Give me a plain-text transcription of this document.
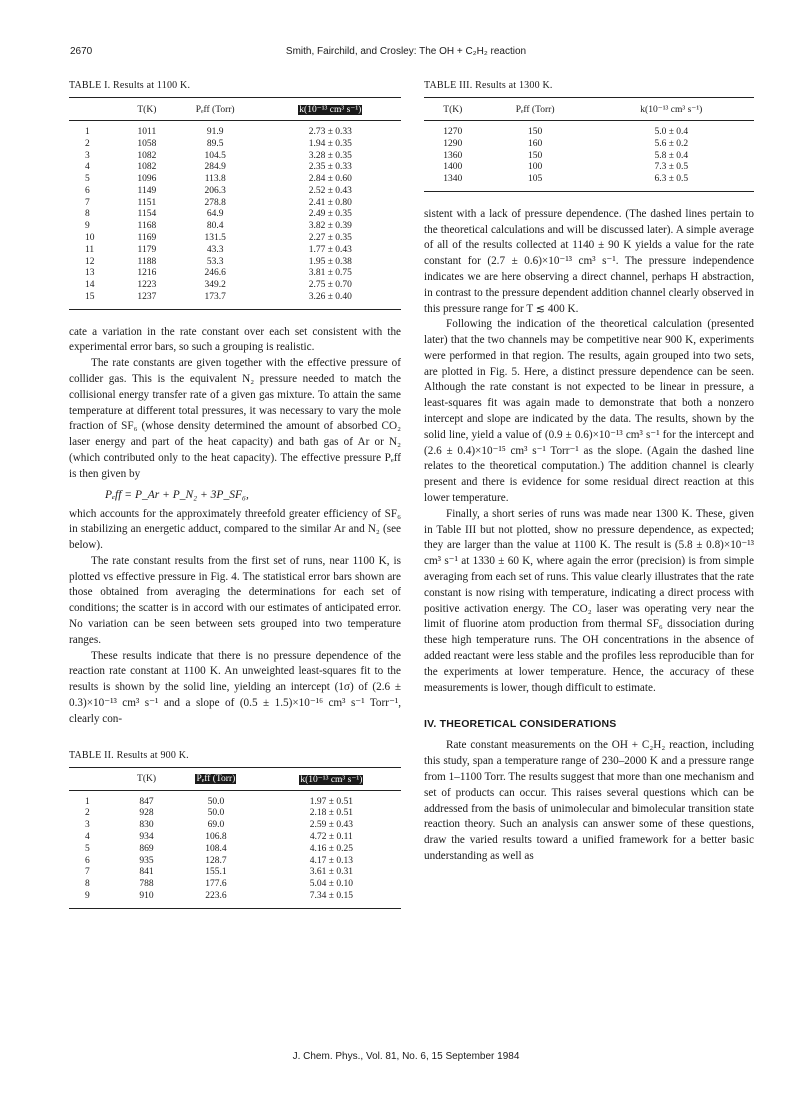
2670	Smith, Fairchild, and Crosley: The OH + C₂H₂ reaction
TABLE I. Results at 1100 K.
	T(K)	Pₑff (Torr)	k(10⁻¹³ cm³ s⁻¹)
1	1011	91.9	2.73 ± 0.33
2	1058	89.5	1.94 ± 0.35
3	1082	104.5	3.28 ± 0.35
4	1082	284.9	2.35 ± 0.33
5	1096	113.8	2.84 ± 0.60
6	1149	206.3	2.52 ± 0.43
7	1151	278.8	2.41 ± 0.80
8	1154	64.9	2.49 ± 0.35
9	1168	80.4	3.82 ± 0.39
10	1169	131.5	2.27 ± 0.35
11	1179	43.3	1.77 ± 0.43
12	1188	53.3	1.95 ± 0.38
13	1216	246.6	3.81 ± 0.75
14	1223	349.2	2.75 ± 0.70
15	1237	173.7	3.26 ± 0.40

cate a variation in the rate constant over each set consistent with the experimental error bars, so such a grouping is realistic.

The rate constants are given together with the effective pressure of collider gas. This is the equivalent N₂ pressure needed to match the collisional energy transfer rate of a given gas mixture. To attain the same temperature at different total pressures, it was necessary to vary the mole fraction of SF₆ (whose density determined the amount of absorbed CO₂ laser energy and part of the heat capacity) and bath gas of Ar or N₂ (which contributed only to the heat capacity). The effective pressure Pₑff is then given by

Pₑff = P_Ar + P_N₂ + 3P_SF₆,

which accounts for the approximately threefold greater efficiency of SF₆ in stabilizing an energetic adduct, compared to the similar Ar and N₂ (see below).

The rate constant results from the first set of runs, near 1100 K, is plotted vs effective pressure in Fig. 4. The statistical error bars shown are those obtained from averaging the determinations for each set of conditions; the scatter is in accord with our estimates of anticipated error. No variation can be seen between sets grouped into two temperature ranges.

These results indicate that there is no pressure dependence of the reaction rate constant at 1100 K. An unweighted least-squares fit to the results is shown by the solid line, yielding an intercept (1σ) of (2.6 ± 0.3)×10⁻¹³ cm³ s⁻¹ and a slope of (0.5 ± 1.5)×10⁻¹⁶ cm³ s⁻¹ Torr⁻¹, clearly con-

TABLE II. Results at 900 K.
	T(K)	Pₑff (Torr)	k(10⁻¹³ cm³ s⁻¹)
1	847	50.0	1.97 ± 0.51
2	928	50.0	2.18 ± 0.51
3	830	69.0	2.59 ± 0.43
4	934	106.8	4.72 ± 0.11
5	869	108.4	4.16 ± 0.25
6	935	128.7	4.17 ± 0.13
7	841	155.1	3.61 ± 0.31
8	788	177.6	5.04 ± 0.10
9	910	223.6	7.34 ± 0.15

TABLE III. Results at 1300 K.
T(K)	Pₑff (Torr)	k(10⁻¹³ cm³ s⁻¹)
1270	150	5.0 ± 0.4
1290	160	5.6 ± 0.2
1360	150	5.8 ± 0.4
1400	100	7.3 ± 0.5
1340	105	6.3 ± 0.5

sistent with a lack of pressure dependence. (The dashed lines pertain to the theoretical calculations and will be discussed later). A simple average of all of the results collected at 1140 ± 90 K yields a value for the rate constant for (2.7 ± 0.6)×10⁻¹³ cm³ s⁻¹. The pressure independence indicates we are here observing a direct channel, perhaps H abstraction, in contrast to the pressure dependent addition channel clearly observed in this pressure range for T ≲ 400 K.

Following the indication of the theoretical calculation (presented later) that the two channels may be competitive near 900 K, experiments were performed in that region. The results, again grouped into two sets, are plotted in Fig. 5. Here, a distinct pressure dependence can be seen. Although the rate constant is not expected to be linear in pressure, a least-squares fit was again made to demonstrate that both a nonzero intercept and slope are indicated by the data. The results, shown by the solid line, yield a value of (0.9 ± 0.6)×10⁻¹³ cm³ s⁻¹ for the intercept and (2.6 ± 0.4)×10⁻¹⁵ cm³ s⁻¹ Torr⁻¹ as the slope. (Again the dashed line relates to the theoretical computation.) The addition channel is clearly present and there is evidence for some residual direct reaction at this lower temperature.

Finally, a short series of runs was made near 1300 K. These, given in Table III but not plotted, show no pressure dependence, as expected; they are larger than the value at 1100 K. The result is (5.8 ± 0.8)×10⁻¹³ cm³ s⁻¹ at 1330 ± 60 K, where again the error (precision) is from simple averaging from each set of runs. This value clearly illustrates that the rate constant is now rising with temperature, indicating a direct process with positive activation energy. The CO₂ laser was operating very near the limit of fluorine atom production from thermal SF₆ dissociation during these high temperature runs. The OH concentrations in the absence of added reactant were less stable and the profiles less reproducible than for the experiments at lower temperature. Hence, the accuracy of these measurements is lower, though difficult to estimate.

IV. THEORETICAL CONSIDERATIONS

Rate constant measurements on the OH + C₂H₂ reaction, including this study, span a temperature range of 230–2000 K and a pressure range from 1–1100 Torr. The results suggest that more than one mechanism and set of products can occur. This raises several questions which can be addressed from the basis of unimolecular and bimolecular transition state reaction theory. Such an analysis can answer some of these questions, draw the varied results toward a unified framework for a better basic understanding as well as

J. Chem. Phys., Vol. 81, No. 6, 15 September 1984
